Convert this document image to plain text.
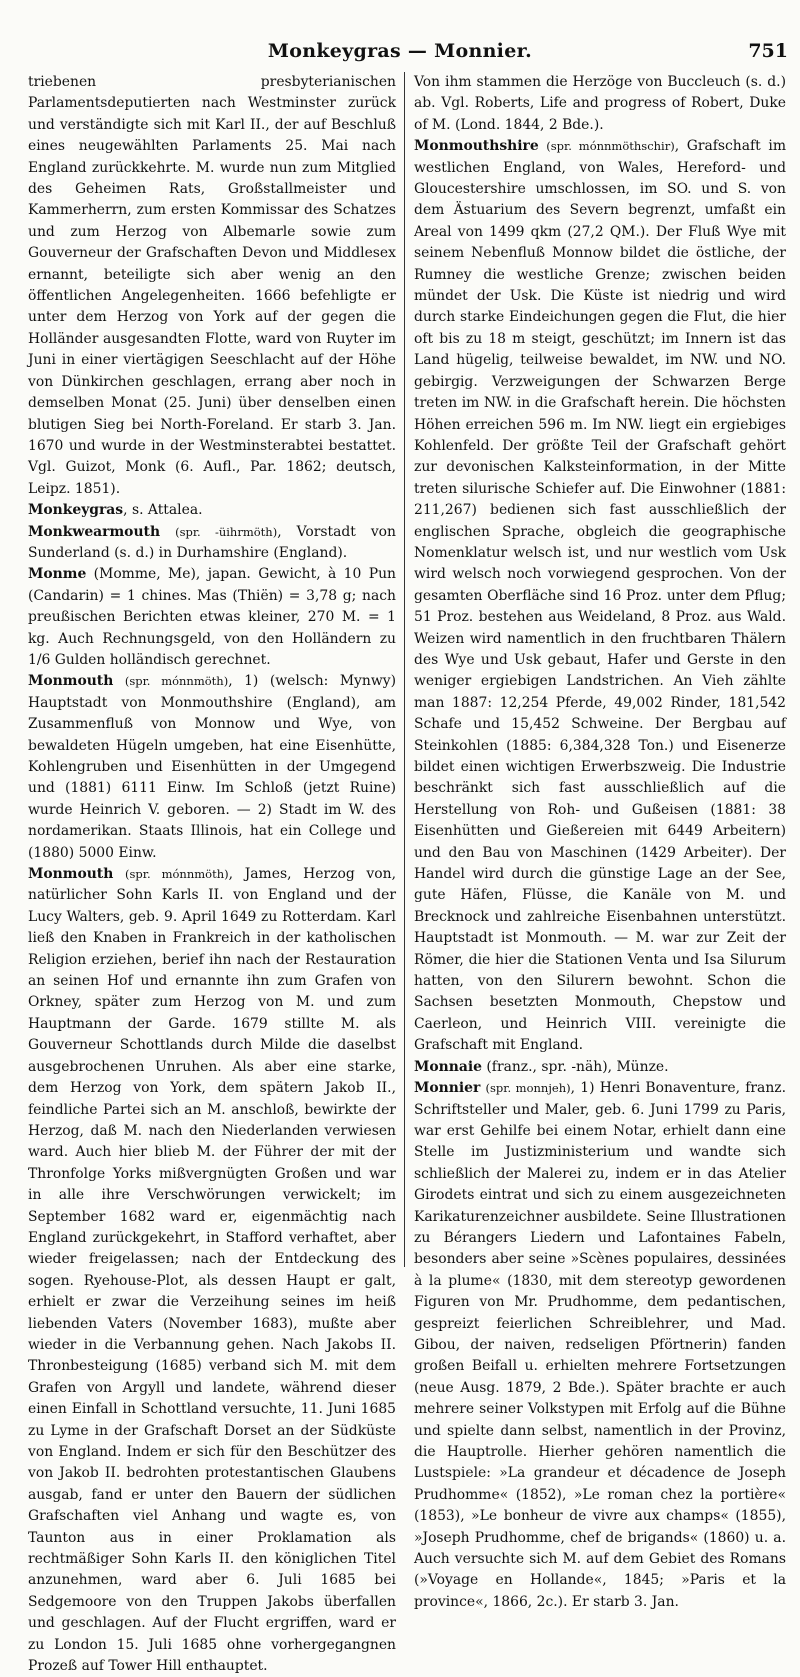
Monkeygras — Monnier.	751

triebenen presbyterianischen Parlamentsdeputierten nach Westminster zurück und verständigte sich mit Karl II., der auf Beschluß eines neugewählten Parlaments 25. Mai nach England zurückkehrte. M. wurde nun zum Mitglied des Geheimen Rats, Großstallmeister und Kammerherrn, zum ersten Kommissar des Schatzes und zum Herzog von Albemarle sowie zum Gouverneur der Grafschaften Devon und Middlesex ernannt, beteiligte sich aber wenig an den öffentlichen Angelegenheiten. 1666 befehligte er unter dem Herzog von York auf der gegen die Holländer ausgesandten Flotte, ward von Ruyter im Juni in einer viertägigen Seeschlacht auf der Höhe von Dünkirchen geschlagen, errang aber noch in demselben Monat (25. Juni) über denselben einen blutigen Sieg bei North-Foreland. Er starb 3. Jan. 1670 und wurde in der Westminsterabtei bestattet. Vgl. Guizot, Monk (6. Aufl., Par. 1862; deutsch, Leipz. 1851).

Monkeygras, s. Attalea.

Monkwearmouth (spr. -üihrmöth), Vorstadt von Sunderland (s. d.) in Durhamshire (England).

Monme (Momme, Me), japan. Gewicht, à 10 Pun (Candarin) = 1 chines. Mas (Thiën) = 3,78 g; nach preußischen Berichten etwas kleiner, 270 M. = 1 kg. Auch Rechnungsgeld, von den Holländern zu 1/6 Gulden holländisch gerechnet.

Monmouth (spr. mónnmöth), 1) (welsch: Mynwy) Hauptstadt von Monmouthshire (England), am Zusammenfluß von Monnow und Wye, von bewaldeten Hügeln umgeben, hat eine Eisenhütte, Kohlengruben und Eisenhütten in der Umgegend und (1881) 6111 Einw. Im Schloß (jetzt Ruine) wurde Heinrich V. geboren. — 2) Stadt im W. des nordamerikan. Staats Illinois, hat ein College und (1880) 5000 Einw.

Monmouth (spr. mónnmöth), James, Herzog von, natürlicher Sohn Karls II. von England und der Lucy Walters, geb. 9. April 1649 zu Rotterdam. Karl ließ den Knaben in Frankreich in der katholischen Religion erziehen, berief ihn nach der Restauration an seinen Hof und ernannte ihn zum Grafen von Orkney, später zum Herzog von M. und zum Hauptmann der Garde. 1679 stillte M. als Gouverneur Schottlands durch Milde die daselbst ausgebrochenen Unruhen. Als aber eine starke, dem Herzog von York, dem spätern Jakob II., feindliche Partei sich an M. anschloß, bewirkte der Herzog, daß M. nach den Niederlanden verwiesen ward. Auch hier blieb M. der Führer der mit der Thronfolge Yorks mißvergnügten Großen und war in alle ihre Verschwörungen verwickelt; im September 1682 ward er, eigenmächtig nach England zurückgekehrt, in Stafford verhaftet, aber wieder freigelassen; nach der Entdeckung des sogen. Ryehouse-Plot, als dessen Haupt er galt, erhielt er zwar die Verzeihung seines im heiß liebenden Vaters (November 1683), mußte aber wieder in die Verbannung gehen. Nach Jakobs II. Thronbesteigung (1685) verband sich M. mit dem Grafen von Argyll und landete, während dieser einen Einfall in Schottland versuchte, 11. Juni 1685 zu Lyme in der Grafschaft Dorset an der Südküste von England. Indem er sich für den Beschützer des von Jakob II. bedrohten protestantischen Glaubens ausgab, fand er unter den Bauern der südlichen Grafschaften viel Anhang und wagte es, von Taunton aus in einer Proklamation als rechtmäßiger Sohn Karls II. den königlichen Titel anzunehmen, ward aber 6. Juli 1685 bei Sedgemoore von den Truppen Jakobs überfallen und geschlagen. Auf der Flucht ergriffen, ward er zu London 15. Juli 1685 ohne vorhergegangnen Prozeß auf Tower Hill enthauptet.

Von ihm stammen die Herzöge von Buccleuch (s. d.) ab. Vgl. Roberts, Life and progress of Robert, Duke of M. (Lond. 1844, 2 Bde.).

Monmouthshire (spr. mónnmöthschir), Grafschaft im westlichen England, von Wales, Hereford- und Gloucestershire umschlossen, im SO. und S. von dem Ästuarium des Severn begrenzt, umfaßt ein Areal von 1499 qkm (27,2 QM.). Der Fluß Wye mit seinem Nebenfluß Monnow bildet die östliche, der Rumney die westliche Grenze; zwischen beiden mündet der Usk. Die Küste ist niedrig und wird durch starke Eindeichungen gegen die Flut, die hier oft bis zu 18 m steigt, geschützt; im Innern ist das Land hügelig, teilweise bewaldet, im NW. und NO. gebirgig. Verzweigungen der Schwarzen Berge treten im NW. in die Grafschaft herein. Die höchsten Höhen erreichen 596 m. Im NW. liegt ein ergiebiges Kohlenfeld. Der größte Teil der Grafschaft gehört zur devonischen Kalksteinformation, in der Mitte treten silurische Schiefer auf. Die Einwohner (1881: 211,267) bedienen sich fast ausschließlich der englischen Sprache, obgleich die geographische Nomenklatur welsch ist, und nur westlich vom Usk wird welsch noch vorwiegend gesprochen. Von der gesamten Oberfläche sind 16 Proz. unter dem Pflug; 51 Proz. bestehen aus Weideland, 8 Proz. aus Wald. Weizen wird namentlich in den fruchtbaren Thälern des Wye und Usk gebaut, Hafer und Gerste in den weniger ergiebigen Landstrichen. An Vieh zählte man 1887: 12,254 Pferde, 49,002 Rinder, 181,542 Schafe und 15,452 Schweine. Der Bergbau auf Steinkohlen (1885: 6,384,328 Ton.) und Eisenerze bildet einen wichtigen Erwerbszweig. Die Industrie beschränkt sich fast ausschließlich auf die Herstellung von Roh- und Gußeisen (1881: 38 Eisenhütten und Gießereien mit 6449 Arbeitern) und den Bau von Maschinen (1429 Arbeiter). Der Handel wird durch die günstige Lage an der See, gute Häfen, Flüsse, die Kanäle von M. und Brecknock und zahlreiche Eisenbahnen unterstützt. Hauptstadt ist Monmouth. — M. war zur Zeit der Römer, die hier die Stationen Venta und Isa Silurum hatten, von den Silurern bewohnt. Schon die Sachsen besetzten Monmouth, Chepstow und Caerleon, und Heinrich VIII. vereinigte die Grafschaft mit England.

Monnaie (franz., spr. -näh), Münze.

Monnier (spr. monnjeh), 1) Henri Bonaventure, franz. Schriftsteller und Maler, geb. 6. Juni 1799 zu Paris, war erst Gehilfe bei einem Notar, erhielt dann eine Stelle im Justizministerium und wandte sich schließlich der Malerei zu, indem er in das Atelier Girodets eintrat und sich zu einem ausgezeichneten Karikaturenzeichner ausbildete. Seine Illustrationen zu Bérangers Liedern und Lafontaines Fabeln, besonders aber seine »Scènes populaires, dessinées à la plume« (1830, mit dem stereotyp gewordenen Figuren von Mr. Prudhomme, dem pedantischen, gespreizt feierlichen Schreiblehrer, und Mad. Gibou, der naiven, redseligen Pförtnerin) fanden großen Beifall u. erhielten mehrere Fortsetzungen (neue Ausg. 1879, 2 Bde.). Später brachte er auch mehrere seiner Volkstypen mit Erfolg auf die Bühne und spielte dann selbst, namentlich in der Provinz, die Hauptrolle. Hierher gehören namentlich die Lustspiele: »La grandeur et décadence de Joseph Prudhomme« (1852), »Le roman chez la portière« (1853), »Le bonheur de vivre aux champs« (1855), »Joseph Prudhomme, chef de brigands« (1860) u. a. Auch versuchte sich M. auf dem Gebiet des Romans (»Voyage en Hollande«, 1845; »Paris et la province«, 1866, 2c.). Er starb 3. Jan.
